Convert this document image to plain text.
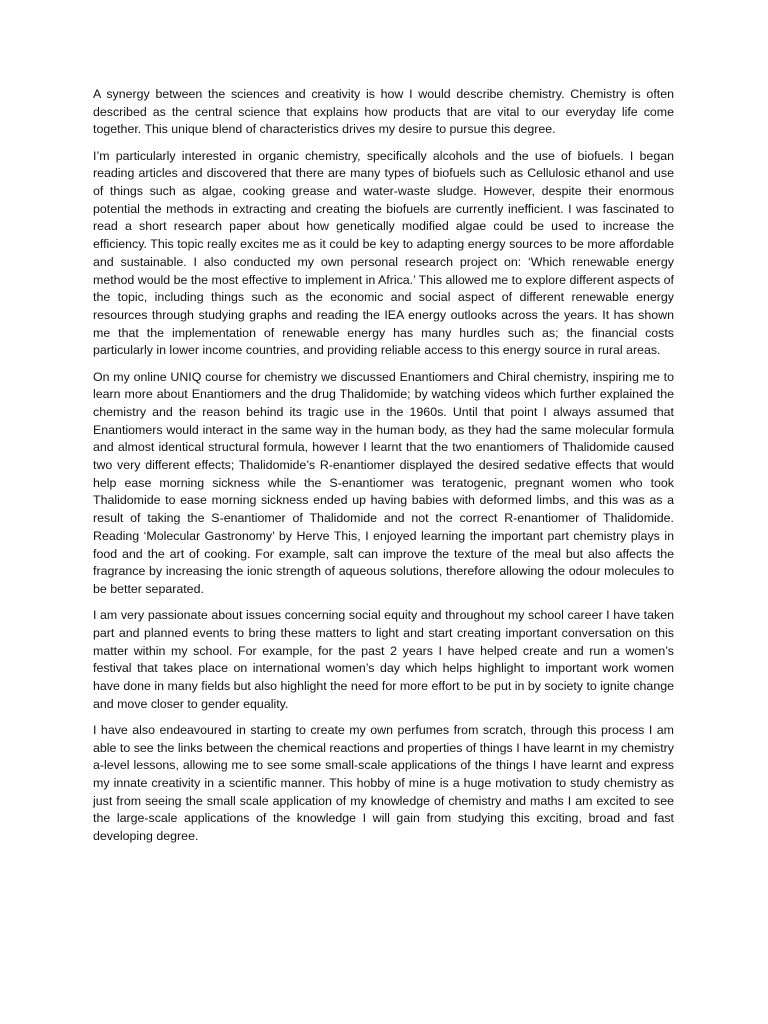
A synergy between the sciences and creativity is how I would describe chemistry. Chemistry is often described as the central science that explains how products that are vital to our everyday life come together. This unique blend of characteristics drives my desire to pursue this degree.

I’m particularly interested in organic chemistry, specifically alcohols and the use of biofuels. I began reading articles and discovered that there are many types of biofuels such as Cellulosic ethanol and use of things such as algae, cooking grease and water-waste sludge. However, despite their enormous potential the methods in extracting and creating the biofuels are currently inefficient. I was fascinated to read a short research paper about how genetically modified algae could be used to increase the efficiency. This topic really excites me as it could be key to adapting energy sources to be more affordable and sustainable. I also conducted my own personal research project on: ‘Which renewable energy method would be the most effective to implement in Africa.’ This allowed me to explore different aspects of the topic, including things such as the economic and social aspect of different renewable energy resources through studying graphs and reading the IEA energy outlooks across the years. It has shown me that the implementation of renewable energy has many hurdles such as; the financial costs particularly in lower income countries, and providing reliable access to this energy source in rural areas.

On my online UNIQ course for chemistry we discussed Enantiomers and Chiral chemistry, inspiring me to learn more about Enantiomers and the drug Thalidomide; by watching videos which further explained the chemistry and the reason behind its tragic use in the 1960s. Until that point I always assumed that Enantiomers would interact in the same way in the human body, as they had the same molecular formula and almost identical structural formula, however I learnt that the two enantiomers of Thalidomide caused two very different effects; Thalidomide’s R-enantiomer displayed the desired sedative effects that would help ease morning sickness while the S-enantiomer was teratogenic, pregnant women who took Thalidomide to ease morning sickness ended up having babies with deformed limbs, and this was as a result of taking the S-enantiomer of Thalidomide and not the correct R-enantiomer of Thalidomide. Reading ‘Molecular Gastronomy’ by Herve This, I enjoyed learning the important part chemistry plays in food and the art of cooking. For example, salt can improve the texture of the meal but also affects the fragrance by increasing the ionic strength of aqueous solutions, therefore allowing the odour molecules to be better separated.

I am very passionate about issues concerning social equity and throughout my school career I have taken part and planned events to bring these matters to light and start creating important conversation on this matter within my school. For example, for the past 2 years I have helped create and run a women’s festival that takes place on international women’s day which helps highlight to important work women have done in many fields but also highlight the need for more effort to be put in by society to ignite change and move closer to gender equality.

I have also endeavoured in starting to create my own perfumes from scratch, through this process I am able to see the links between the chemical reactions and properties of things I have learnt in my chemistry a-level lessons, allowing me to see some small-scale applications of the things I have learnt and express my innate creativity in a scientific manner. This hobby of mine is a huge motivation to study chemistry as just from seeing the small scale application of my knowledge of chemistry and maths I am excited to see the large-scale applications of the knowledge I will gain from studying this exciting, broad and fast developing degree.
